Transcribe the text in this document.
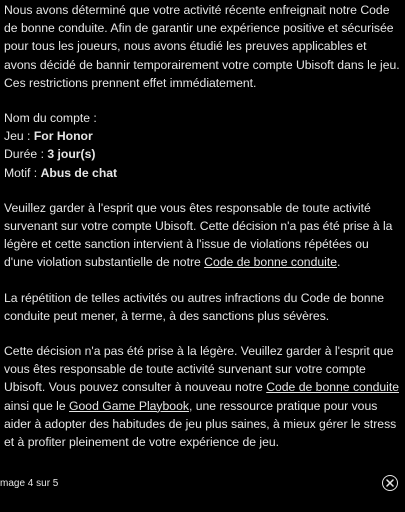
Nous avons déterminé que votre activité récente enfreignait notre Code de bonne conduite. Afin de garantir une expérience positive et sécurisée pour tous les joueurs, nous avons étudié les preuves applicables et avons décidé de bannir temporairement votre compte Ubisoft dans le jeu. Ces restrictions prennent effet immédiatement.

Nom du compte :

Jeu : For Honor

Durée : 3 jour(s)

Motif : Abus de chat

Veuillez garder à l'esprit que vous êtes responsable de toute activité survenant sur votre compte Ubisoft. Cette décision n'a pas été prise à la légère et cette sanction intervient à l'issue de violations répétées ou d'une violation substantielle de notre Code de bonne conduite.

La répétition de telles activités ou autres infractions du Code de bonne conduite peut mener, à terme, à des sanctions plus sévères.

Cette décision n'a pas été prise à la légère. Veuillez garder à l'esprit que vous êtes responsable de toute activité survenant sur votre compte Ubisoft. Vous pouvez consulter à nouveau notre Code de bonne conduite ainsi que le Good Game Playbook, une ressource pratique pour vous aider à adopter des habitudes de jeu plus saines, à mieux gérer le stress et à profiter pleinement de votre expérience de jeu.

mage 4 sur 5
